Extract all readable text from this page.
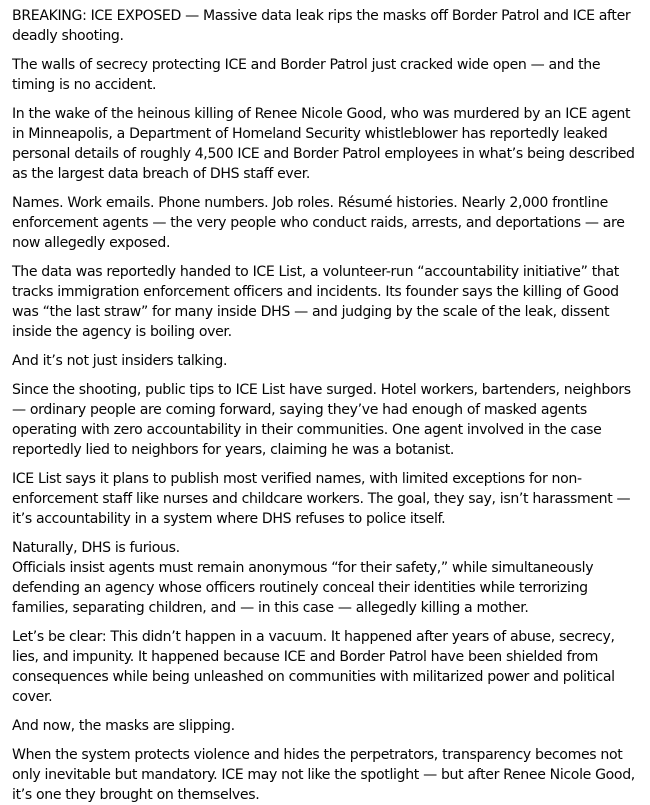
BREAKING: ICE EXPOSED — Massive data leak rips the masks off Border Patrol and ICE after deadly shooting.

The walls of secrecy protecting ICE and Border Patrol just cracked wide open — and the timing is no accident.

In the wake of the heinous killing of Renee Nicole Good, who was murdered by an ICE agent in Minneapolis, a Department of Homeland Security whistleblower has reportedly leaked personal details of roughly 4,500 ICE and Border Patrol employees in what’s being described as the largest data breach of DHS staff ever.

Names. Work emails. Phone numbers. Job roles. Résumé histories. Nearly 2,000 frontline enforcement agents — the very people who conduct raids, arrests, and deportations — are now allegedly exposed.

The data was reportedly handed to ICE List, a volunteer-run “accountability initiative” that tracks immigration enforcement officers and incidents. Its founder says the killing of Good was “the last straw” for many inside DHS — and judging by the scale of the leak, dissent inside the agency is boiling over.

And it’s not just insiders talking.

Since the shooting, public tips to ICE List have surged. Hotel workers, bartenders, neighbors — ordinary people are coming forward, saying they’ve had enough of masked agents operating with zero accountability in their communities. One agent involved in the case reportedly lied to neighbors for years, claiming he was a botanist.

ICE List says it plans to publish most verified names, with limited exceptions for non-enforcement staff like nurses and childcare workers. The goal, they say, isn’t harassment — it’s accountability in a system where DHS refuses to police itself.

Naturally, DHS is furious.

Officials insist agents must remain anonymous “for their safety,” while simultaneously defending an agency whose officers routinely conceal their identities while terrorizing families, separating children, and — in this case — allegedly killing a mother.

Let’s be clear: This didn’t happen in a vacuum. It happened after years of abuse, secrecy, lies, and impunity. It happened because ICE and Border Patrol have been shielded from consequences while being unleashed on communities with militarized power and political cover.

And now, the masks are slipping.

When the system protects violence and hides the perpetrators, transparency becomes not only inevitable but mandatory. ICE may not like the spotlight — but after Renee Nicole Good, it’s one they brought on themselves.
